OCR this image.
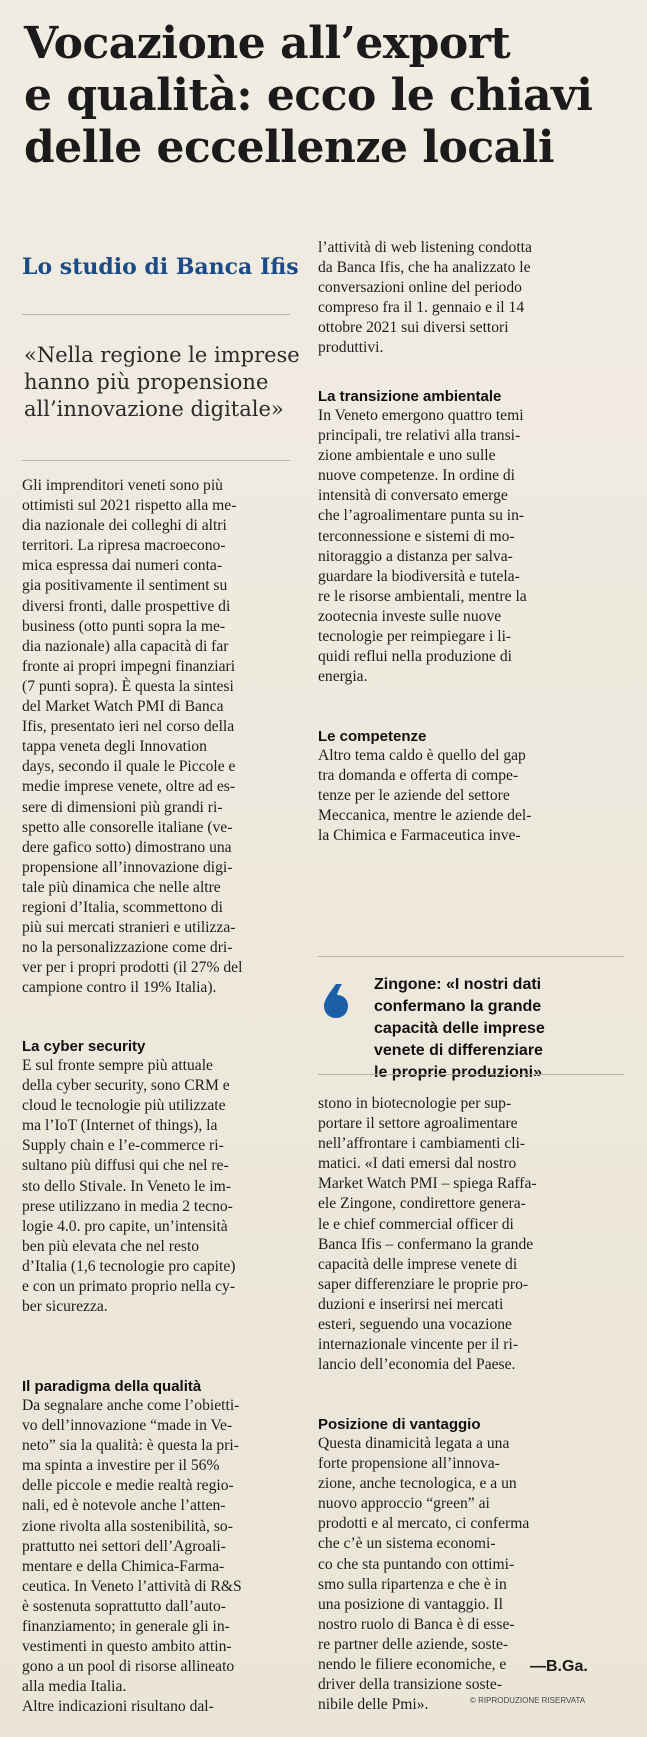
Vocazione all’export
e qualità: ecco le chiavi
delle eccellenze locali
Lo studio di Banca Ifis
«Nella regione le imprese
hanno più propensione
all’innovazione digitale»
Gli imprenditori veneti sono più
ottimisti sul 2021 rispetto alla me-
dia nazionale dei colleghi di altri
territori. La ripresa macroecono-
mica espressa dai numeri conta-
gia positivamente il sentiment su
diversi fronti, dalle prospettive di
business (otto punti sopra la me-
dia nazionale) alla capacità di far
fronte ai propri impegni finanziari
(7 punti sopra). È questa la sintesi
del Market Watch PMI di Banca
Ifis, presentato ieri nel corso della
tappa veneta degli Innovation
days, secondo il quale le Piccole e
medie imprese venete, oltre ad es-
sere di dimensioni più grandi ri-
spetto alle consorelle italiane (ve-
dere gafico sotto) dimostrano una
propensione all’innovazione digi-
tale più dinamica che nelle altre
regioni d’Italia, scommettono di
più sui mercati stranieri e utilizza-
no la personalizzazione come dri-
ver per i propri prodotti (il 27% del
campione contro il 19% Italia).
La cyber security
E sul fronte sempre più attuale
della cyber security, sono CRM e
cloud le tecnologie più utilizzate
ma l’IoT (Internet of things), la
Supply chain e l’e-commerce ri-
sultano più diffusi qui che nel re-
sto dello Stivale. In Veneto le im-
prese utilizzano in media 2 tecno-
logie 4.0. pro capite, un’intensità
ben più elevata che nel resto
d’Italia (1,6 tecnologie pro capite)
e con un primato proprio nella cy-
ber sicurezza.
Il paradigma della qualità
Da segnalare anche come l’obietti-
vo dell’innovazione “made in Ve-
neto” sia la qualità: è questa la pri-
ma spinta a investire per il 56%
delle piccole e medie realtà regio-
nali, ed è notevole anche l’atten-
zione rivolta alla sostenibilità, so-
prattutto nei settori dell’Agroali-
mentare e della Chimica-Farma-
ceutica. In Veneto l’attività di R&S
è sostenuta soprattutto dall’auto-
finanziamento; in generale gli in-
vestimenti in questo ambito attin-
gono a un pool di risorse allineato
alla media Italia.
Altre indicazioni risultano dal-
l’attività di web listening condotta
da Banca Ifis, che ha analizzato le
conversazioni online del periodo
compreso fra il 1. gennaio e il 14
ottobre 2021 sui diversi settori
produttivi.
La transizione ambientale
In Veneto emergono quattro temi
principali, tre relativi alla transi-
zione ambientale e uno sulle
nuove competenze. In ordine di
intensità di conversato emerge
che l’agroalimentare punta su in-
terconnessione e sistemi di mo-
nitoraggio a distanza per salva-
guardare la biodiversità e tutela-
re le risorse ambientali, mentre la
zootecnia investe sulle nuove
tecnologie per reimpiegare i li-
quidi reflui nella produzione di
energia.
Le competenze
Altro tema caldo è quello del gap
tra domanda e offerta di compe-
tenze per le aziende del settore
Meccanica, mentre le aziende del-
la Chimica e Farmaceutica inve-
Zingone: «I nostri dati
confermano la grande
capacità delle imprese
venete di differenziare
le proprie produzioni»
stono in biotecnologie per sup-
portare il settore agroalimentare
nell’affrontare i cambiamenti cli-
matici. «I dati emersi dal nostro
Market Watch PMI – spiega Raffa-
ele Zingone, condirettore genera-
le e chief commercial officer di
Banca Ifis – confermano la grande
capacità delle imprese venete di
saper differenziare le proprie pro-
duzioni e inserirsi nei mercati
esteri, seguendo una vocazione
internazionale vincente per il ri-
lancio dell’economia del Paese.
Posizione di vantaggio
Questa dinamicità legata a una
forte propensione all’innova-
zione, anche tecnologica, e a un
nuovo approccio “green” ai
prodotti e al mercato, ci conferma
che c’è un sistema economi-
co che sta puntando con ottimi-
smo sulla ripartenza e che è in
una posizione di vantaggio. Il
nostro ruolo di Banca è di esse-
re partner delle aziende, soste-
nendo le filiere economiche, e
driver della transizione soste-
nibile delle Pmi».
—B.Ga.
© RIPRODUZIONE RISERVATA
